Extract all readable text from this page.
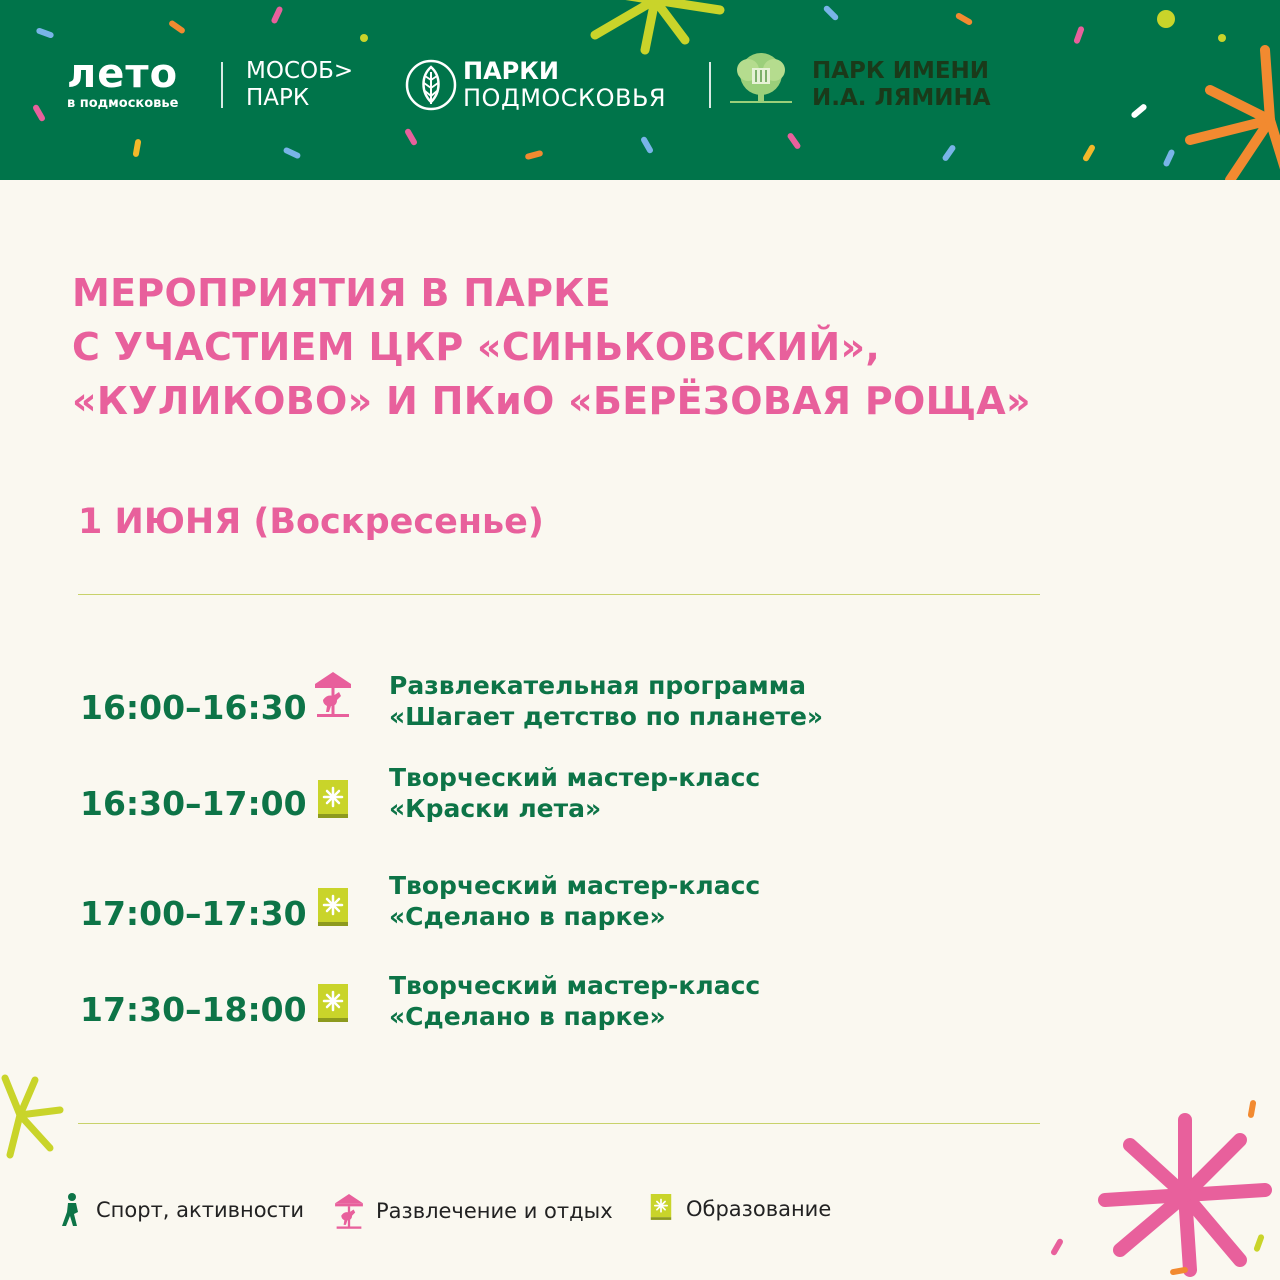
лето
в подмосковье
МОСОБ>
ПАРК
ПАРКИ
ПОДМОСКОВЬЯ
ПАРК ИМЕНИ
И.А. ЛЯМИНА
МЕРОПРИЯТИЯ В ПАРКЕ
С УЧАСТИЕМ ЦКР «СИНЬКОВСКИЙ»,
«КУЛИКОВО» И ПКиО «БЕРЁЗОВАЯ РОЩА»
1 ИЮНЯ (Воскресенье)
16:00–16:30
Развлекательная программа
«Шагает детство по планете»
16:30–17:00
Творческий мастер-класс
«Краски лета»
17:00–17:30
Творческий мастер-класс
«Сделано в парке»
17:30–18:00
Творческий мастер-класс
«Сделано в парке»
Спорт, активности	Развлечение и отдых	Образование
